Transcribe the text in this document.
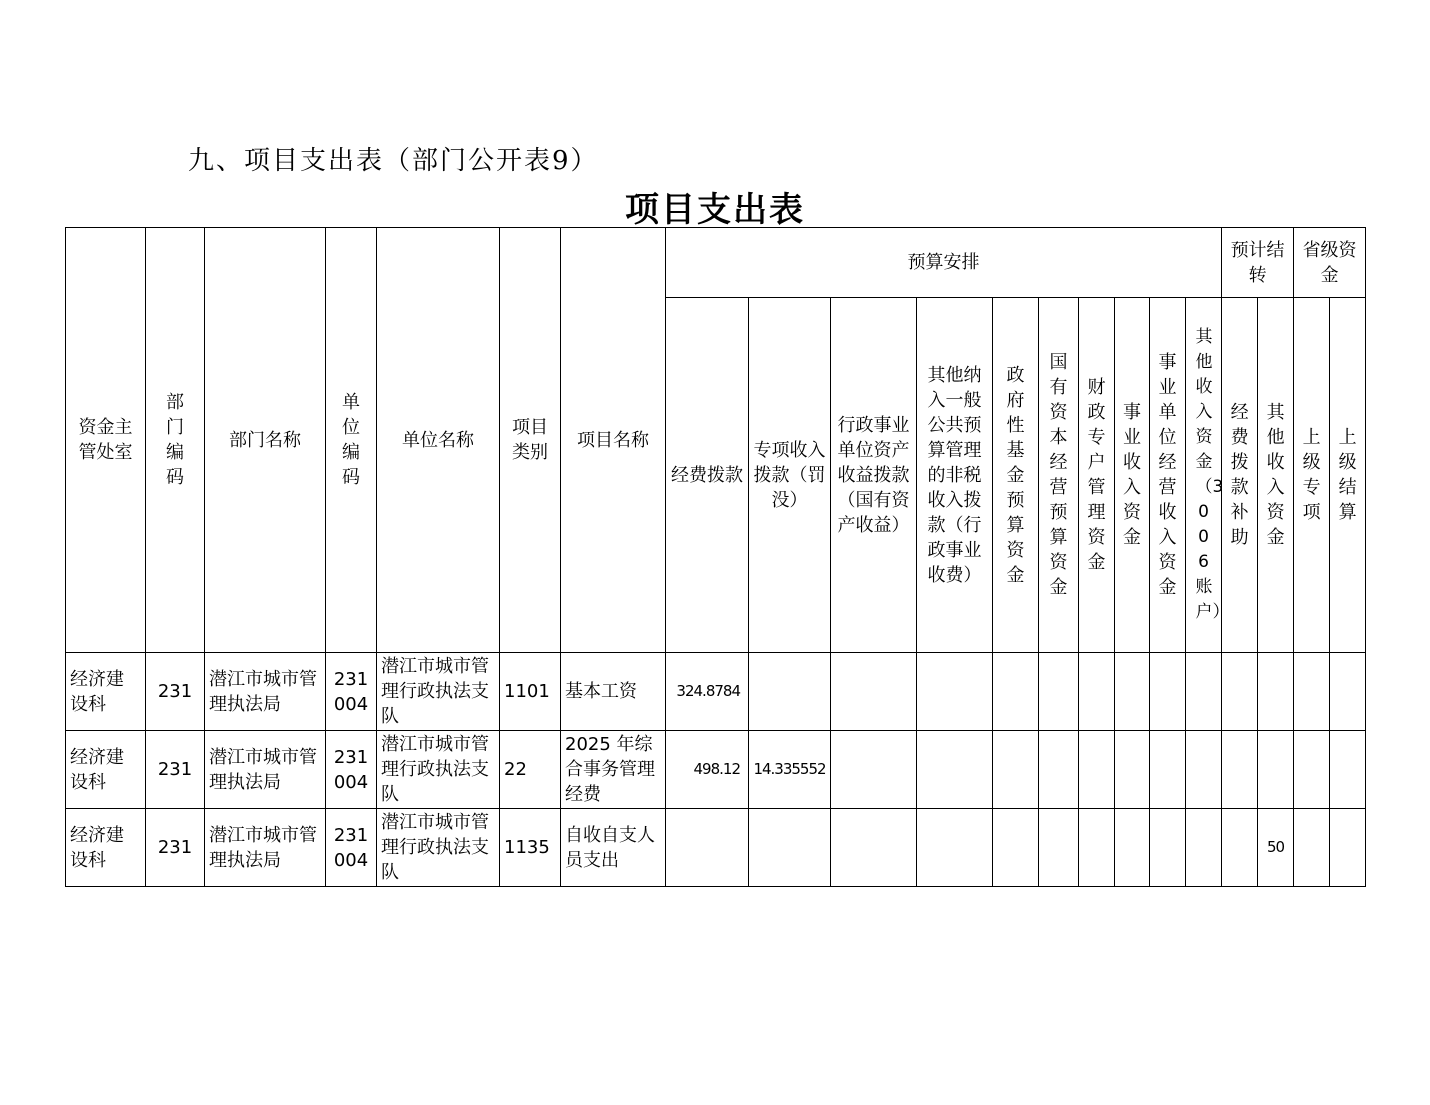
九、项目支出表（部门公开表9）
项目支出表
资金主管处室	部门编码	部门名称	单位编码	单位名称	项目类别	项目名称	预算安排										预计结转		省级资金	
							经费拨款	专项收入拨款（罚没）	行政事业单位资产收益拨款（国有资产收益）	其他纳入一般公共预算管理的非税收入拨款（行政事业收费）	政府性基金预算资金	国有资本经营预算资金	财政专户管理资金	事业收入资金	事业单位经营收入资金	其他收入资金（3006账户）	经费拨款补助	其他收入资金	上级专项	上级结算

经济建设科	231	潜江市城市管理执法局	231004	潜江市城市管理行政执法支队	1101	基本工资	324.8784													
经济建设科	231	潜江市城市管理执法局	231004	潜江市城市管理行政执法支队	22	2025 年综合事务管理经费	498.12	14.335552												
经济建设科	231	潜江市城市管理执法局	231004	潜江市城市管理行政执法支队	1135	自收自支人员支出												50		
